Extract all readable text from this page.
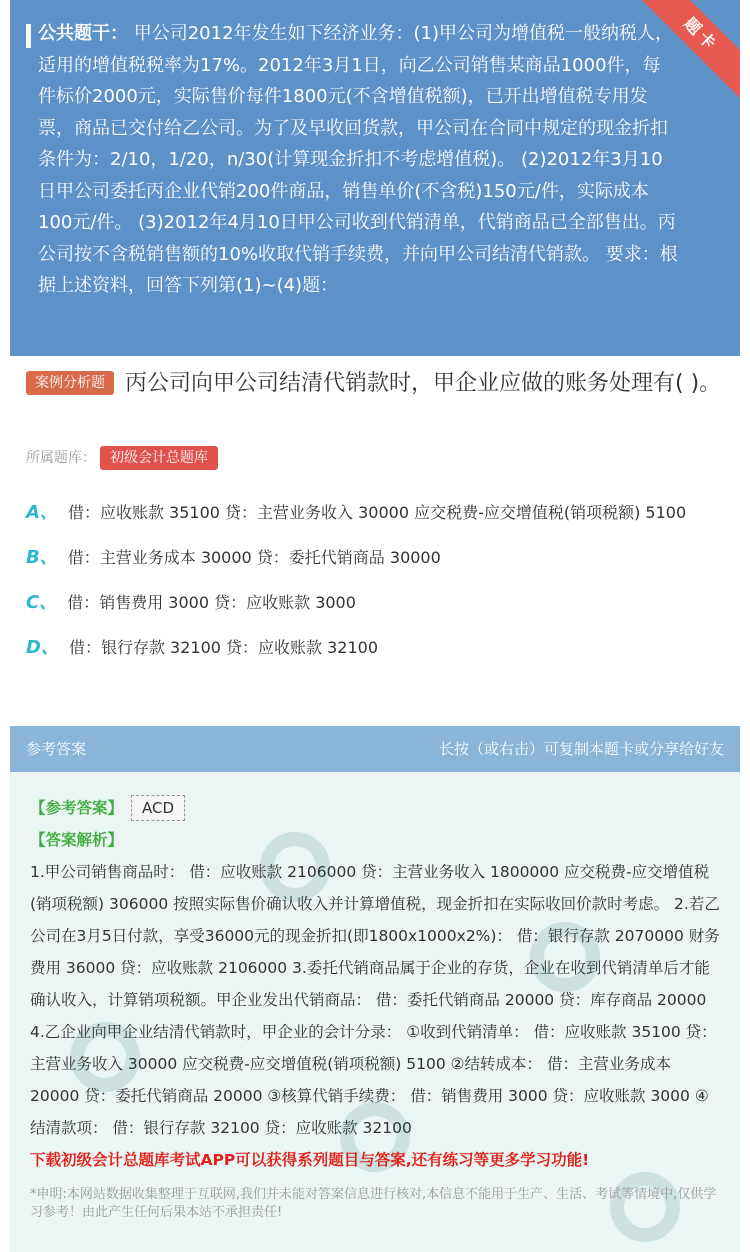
题卡
公共题干： 甲公司2012年发生如下经济业务：(1)甲公司为增值税一般纳税人，适用的增值税税率为17%。2012年3月1日，向乙公司销售某商品1000件，每件标价2000元，实际售价每件1800元(不含增值税额)，已开出增值税专用发票，商品已交付给乙公司。为了及早收回货款，甲公司在合同中规定的现金折扣条件为：2/10，1/20，n/30(计算现金折扣不考虑增值税)。 (2)2012年3月10日甲公司委托丙企业代销200件商品，销售单价(不含税)150元/件，实际成本100元/件。 (3)2012年4月10日甲公司收到代销清单，代销商品已全部售出。丙公司按不含税销售额的10%收取代销手续费，并向甲公司结清代销款。 要求：根据上述资料，回答下列第(1)~(4)题：
案例分析题 丙公司向甲公司结清代销款时，甲企业应做的账务处理有( )。
所属题库： 初级会计总题库
A、 借：应收账款 35100 贷：主营业务收入 30000 应交税费-应交增值税(销项税额) 5100
B、 借：主营业务成本 30000 贷：委托代销商品 30000
C、 借：销售费用 3000 贷：应收账款 3000
D、 借：银行存款 32100 贷：应收账款 32100
参考答案	长按（或右击）可复制本题卡或分享给好友
【参考答案】 ACD
【答案解析】
1.甲公司销售商品时： 借：应收账款 2106000 贷：主营业务收入 1800000 应交税费-应交增值税(销项税额) 306000 按照实际售价确认收入并计算增值税，现金折扣在实际收回价款时考虑。 2.若乙公司在3月5日付款，享受36000元的现金折扣(即1800x1000x2%)： 借：银行存款 2070000 财务费用 36000 贷：应收账款 2106000 3.委托代销商品属于企业的存货，企业在收到代销清单后才能确认收入，计算销项税额。甲企业发出代销商品： 借：委托代销商品 20000 贷：库存商品 20000 4.乙企业向甲企业结清代销款时，甲企业的会计分录： ①收到代销清单： 借：应收账款 35100 贷：主营业务收入 30000 应交税费-应交增值税(销项税额) 5100 ②结转成本： 借：主营业务成本 20000 贷：委托代销商品 20000 ③核算代销手续费： 借：销售费用 3000 贷：应收账款 3000 ④结清款项： 借：银行存款 32100 贷：应收账款 32100
下载初级会计总题库考试APP可以获得系列题目与答案,还有练习等更多学习功能!
*申明:本网站数据收集整理于互联网,我们并未能对答案信息进行核对,本信息不能用于生产、生活、考试等情境中,仅供学习参考！由此产生任何后果本站不承担责任!
